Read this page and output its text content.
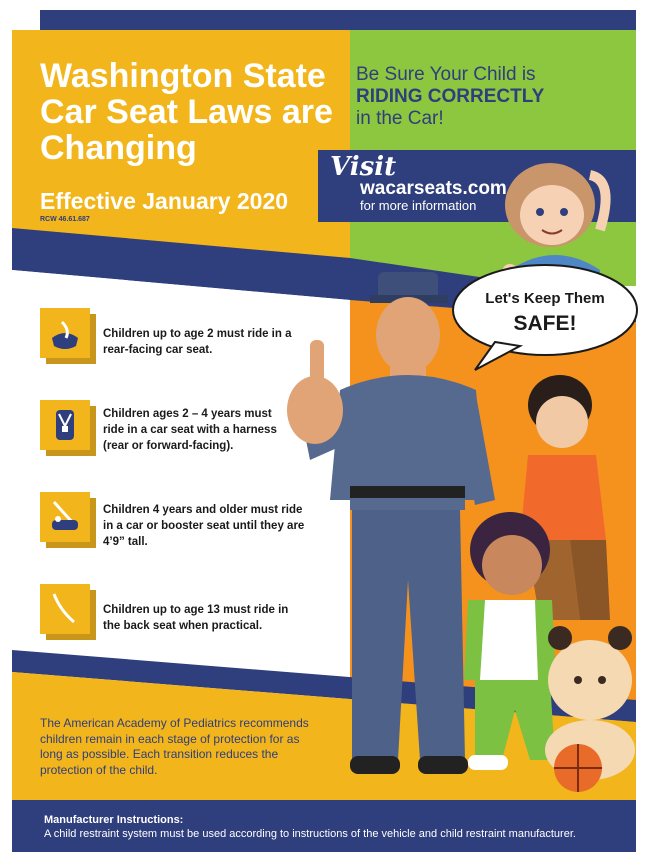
Washington State
Car Seat Laws are
Changing
Effective January 2020
RCW 46.61.687
Be Sure Your Child is
RIDING CORRECTLY
in the Car!
Visit
wacarseats.com
for more information
Let's Keep Them
SAFE!
Children up to age 2 must ride in a
rear-facing car seat.
Children ages 2 – 4 years must
ride in a car seat with a harness
(rear or forward-facing).
Children 4 years and older must ride
in a car or booster seat until they are
4’9” tall.
Children up to age 13 must ride in
the back seat when practical.
The American Academy of Pediatrics recommends
children remain in each stage of protection for as
long as possible. Each transition reduces the
protection of the child.
Manufacturer Instructions:
A child restraint system must be used according to instructions of the vehicle and child restraint manufacturer.
